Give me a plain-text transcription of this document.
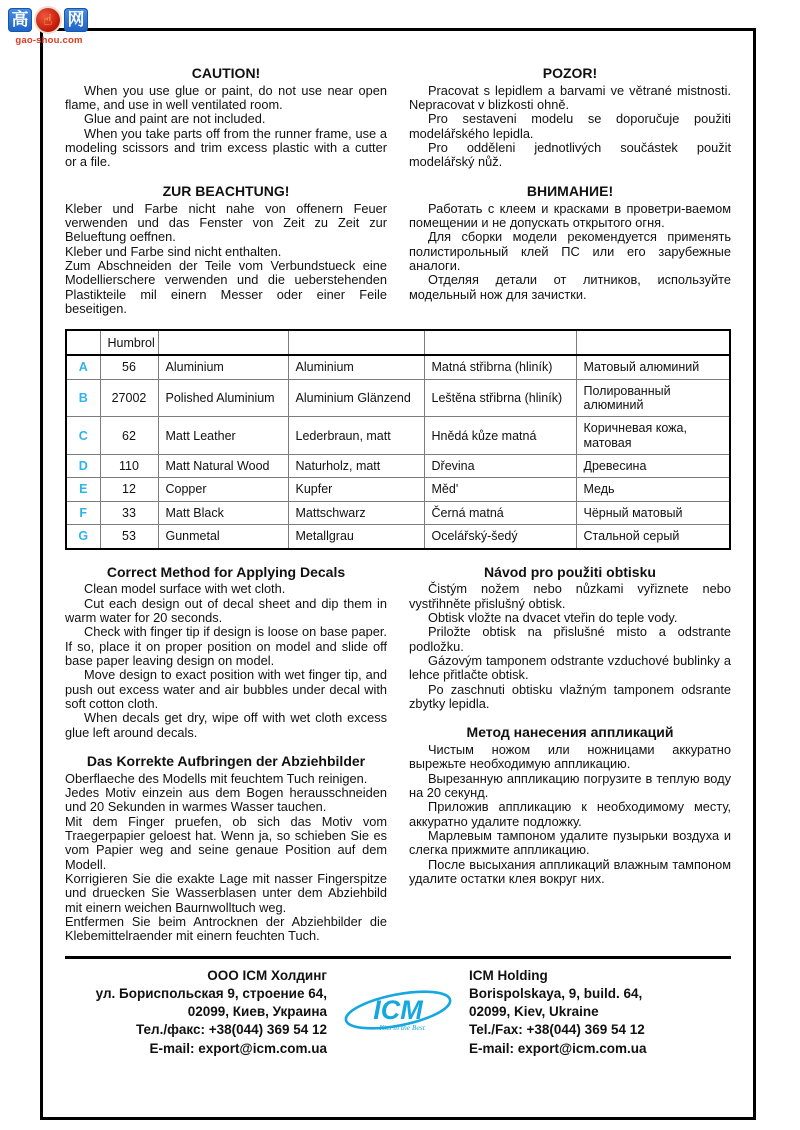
高 ☝ 网
gao-shou.com
CAUTION!

When you use glue or paint, do not use near open flame, and use in well ventilated room.

Glue and paint are not included.

When you take parts off from the runner frame, use a modeling scissors and trim excess plastic with a cutter or a file.

ZUR BEACHTUNG!

Kleber und Farbe nicht nahe von offenern Feuer verwenden und das Fenster von Zeit zu Zeit zur Belueftung oeffnen.

Kleber und Farbe sind nicht enthalten.

Zum Abschneiden der Teile vom Verbundstueck eine Modellierschere verwenden und die ueberstehenden Plastikteile mil einern Messer oder einer Feile beseitigen.

POZOR!

Pracovat s lepidlem a barvami ve větrané mistnosti. Nepracovat v blizkosti ohně.

Pro sestaveni modelu se doporučuje použiti modelářského lepidla.

Pro odděleni jednotlivých součástek použit modelářský nůž.

ВНИМАНИЕ!

Работать с клеем и красками в проветри-ваемом помещении и не допускать открытого огня.

Для сборки модели рекомендуется применять полистирольный клей ПС или его зарубежные аналоги.

Отделяя детали от литников, используйте модельный нож для зачистки.

	Humbrol				
A	56	Aluminium	Aluminium	Matná střibrna (hliník)	Матовый алюминий
B	27002	Polished Aluminium	Aluminium Glänzend	Leštěna střibrna (hliník)	Полированный алюминий
C	62	Matt Leather	Lederbraun, matt	Hnědá kůze matná	Коричневая кожа, матовая
D	110	Matt Natural Wood	Naturholz, matt	Dřevina	Древесина
E	12	Copper	Kupfer	Měd'	Медь
F	33	Matt Black	Mattschwarz	Černá matná	Чёрный матовый
G	53	Gunmetal	Metallgrau	Ocelářský-šedý	Стальной серый
Correct Method for Applying Decals

Clean model surface with wet cloth.

Cut each design out of decal sheet and dip them in warm water for 20 seconds.

Check with finger tip if design is loose on base paper. If so, place it on proper position on model and slide off base paper leaving design on model.

Move design to exact position with wet finger tip, and push out excess water and air bubbles under decal with soft cotton cloth.

When decals get dry, wipe off with wet cloth excess glue left around decals.

Das Korrekte Aufbringen der Abziehbilder

Oberflaeche des Modells mit feuchtem Tuch reinigen.

Jedes Motiv einzein aus dem Bogen herausschneiden und 20 Sekunden in warmes Wasser tauchen.

Mit dem Finger pruefen, ob sich das Motiv vom Traegerpapier geloest hat. Wenn ja, so schieben Sie es vom Papier weg and seine genaue Position auf dem Modell.

Korrigieren Sie die exakte Lage mit nasser Fingerspitze und druecken Sie Wasserblasen unter dem Abziehbild mit einern weichen Baurnwolltuch weg.

Entfermen Sie beim Antrocknen der Abziehbilder die Klebemittelraender mit einern feuchten Tuch.

Návod pro použiti obtisku

Čistým nožem nebo nůzkami vyřiznete nebo vystřihněte přislušný obtisk.

Obtisk vložte na dvacet vteřin do teple vody.

Priložte obtisk na přislušné misto a odstrante podložku.

Gázovým tamponem odstrante vzduchové bublinky a lehce přitlačte obtisk.

Po zaschnuti obtisku vlažným tamponem odsrante zbytky lepidla.

Метод нанесения аппликаций

Чистым ножом или ножницами аккуратно вырежьте необходимую аппликацию.

Вырезанную аппликацию погрузите в теплую воду на 20 секунд.

Приложив аппликацию к необходимому месту, аккуратно удалите подложку.

Марлевым тампоном удалите пузырьки воздуха и слегка прижмите аппликацию.

После высыхания аппликаций влажным тампоном удалите остатки клея вокруг них.

ООО ICM Холдинг
ул. Бориспольская 9, строение 64,
02099, Киев, Украина
Тел./факс: +38(044) 369 54 12
E-mail: export@icm.com.ua
ICM
Kits in the Best
ICM Holding
Borispolskaya, 9, build. 64,
02099, Kiev, Ukraine
Tel./Fax: +38(044) 369 54 12
E-mail: export@icm.com.ua
